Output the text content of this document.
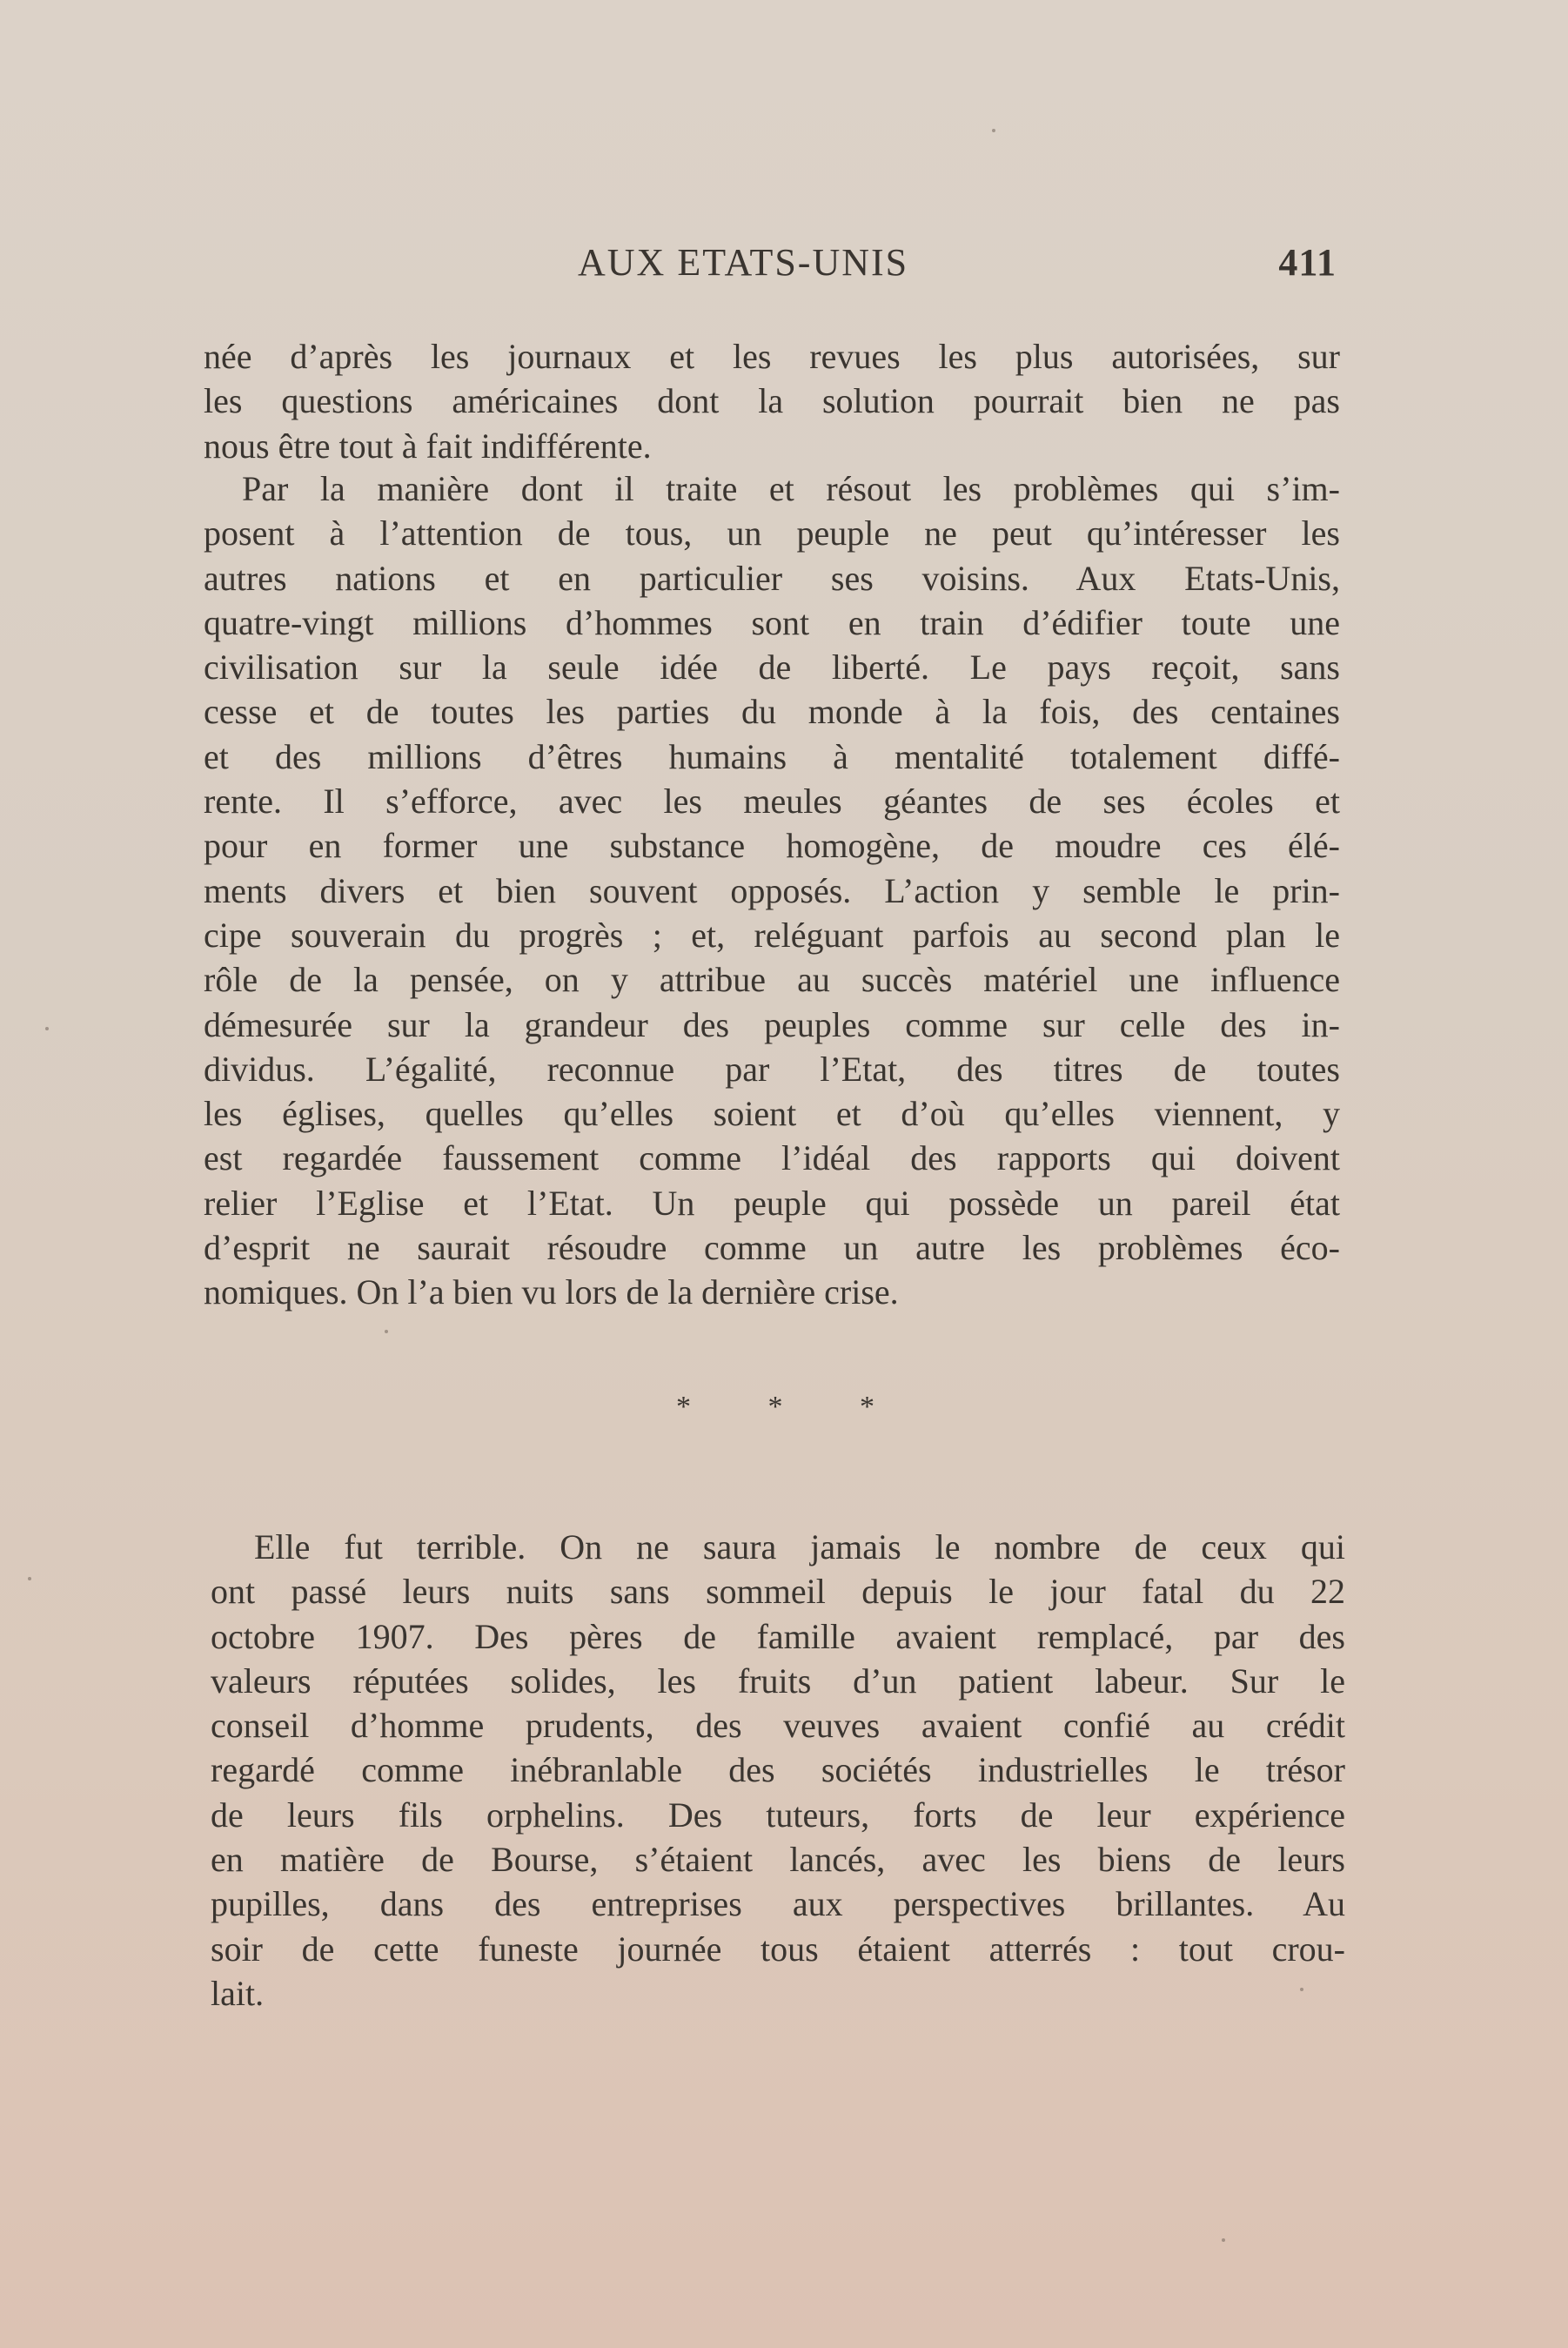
AUX ETATS-UNIS	411
née d’après les journaux et les revues les plus autorisées, sur
les questions américaines dont la solution pourrait bien ne pas
nous être tout à fait indifférente.
Par la manière dont il traite et résout les problèmes qui s’im-
posent à l’attention de tous, un peuple ne peut qu’intéresser les
autres nations et en particulier ses voisins. Aux Etats-Unis,
quatre-vingt millions d’hommes sont en train d’édifier toute une
civilisation sur la seule idée de liberté. Le pays reçoit, sans
cesse et de toutes les parties du monde à la fois, des centaines
et des millions d’êtres humains à mentalité totalement diffé-
rente. Il s’efforce, avec les meules géantes de ses écoles et
pour en former une substance homogène, de moudre ces élé-
ments divers et bien souvent opposés. L’action y semble le prin-
cipe souverain du progrès ; et, reléguant parfois au second plan le
rôle de la pensée, on y attribue au succès matériel une influence
démesurée sur la grandeur des peuples comme sur celle des in-
dividus. L’égalité, reconnue par l’Etat, des titres de toutes
les églises, quelles qu’elles soient et d’où qu’elles viennent, y
est regardée faussement comme l’idéal des rapports qui doivent
relier l’Eglise et l’Etat. Un peuple qui possède un pareil état
d’esprit ne saurait résoudre comme un autre les problèmes éco-
nomiques. On l’a bien vu lors de la dernière crise.
* * *
Elle fut terrible. On ne saura jamais le nombre de ceux qui
ont passé leurs nuits sans sommeil depuis le jour fatal du 22
octobre 1907. Des pères de famille avaient remplacé, par des
valeurs réputées solides, les fruits d’un patient labeur. Sur le
conseil d’homme prudents, des veuves avaient confié au crédit
regardé comme inébranlable des sociétés industrielles le trésor
de leurs fils orphelins. Des tuteurs, forts de leur expérience
en matière de Bourse, s’étaient lancés, avec les biens de leurs
pupilles, dans des entreprises aux perspectives brillantes. Au
soir de cette funeste journée tous étaient atterrés : tout crou-
lait.
